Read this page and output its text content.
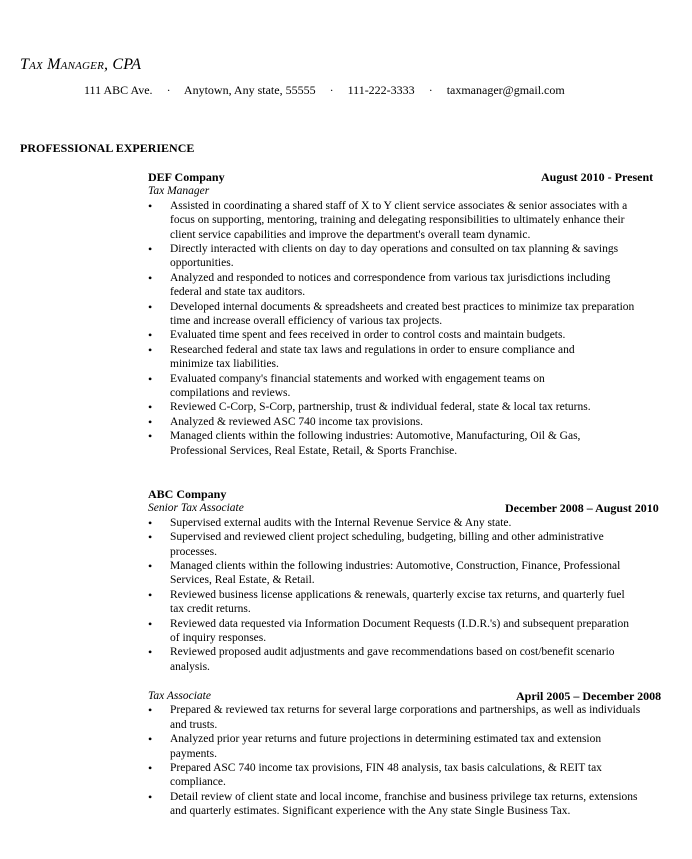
Tax Manager, CPA
111 ABC Ave. · Anytown, Any state, 55555 · 111-222-3333 · taxmanager@gmail.com
PROFESSIONAL EXPERIENCE
DEF Company	August 2010 - Present
Tax Manager
• Assisted in coordinating a shared staff of X to Y client service associates & senior associates with a
focus on supporting, mentoring, training and delegating responsibilities to ultimately enhance their
client service capabilities and improve the department's overall team dynamic.
• Directly interacted with clients on day to day operations and consulted on tax planning & savings
opportunities.
• Analyzed and responded to notices and correspondence from various tax jurisdictions including
federal and state tax auditors.
• Developed internal documents & spreadsheets and created best practices to minimize tax preparation
time and increase overall efficiency of various tax projects.
• Evaluated time spent and fees received in order to control costs and maintain budgets.
• Researched federal and state tax laws and regulations in order to ensure compliance and
minimize tax liabilities.
• Evaluated company's financial statements and worked with engagement teams on
compilations and reviews.
• Reviewed C-Corp, S-Corp, partnership, trust & individual federal, state & local tax returns.
• Analyzed & reviewed ASC 740 income tax provisions.
• Managed clients within the following industries: Automotive, Manufacturing, Oil & Gas,
Professional Services, Real Estate, Retail, & Sports Franchise.
ABC Company
Senior Tax Associate	December 2008 – August 2010
• Supervised external audits with the Internal Revenue Service & Any state.
• Supervised and reviewed client project scheduling, budgeting, billing and other administrative
processes.
• Managed clients within the following industries: Automotive, Construction, Finance, Professional
Services, Real Estate, & Retail.
• Reviewed business license applications & renewals, quarterly excise tax returns, and quarterly fuel
tax credit returns.
• Reviewed data requested via Information Document Requests (I.D.R.'s) and subsequent preparation
of inquiry responses.
• Reviewed proposed audit adjustments and gave recommendations based on cost/benefit scenario
analysis.
Tax Associate	April 2005 – December 2008
• Prepared & reviewed tax returns for several large corporations and partnerships, as well as individuals
and trusts.
• Analyzed prior year returns and future projections in determining estimated tax and extension
payments.
• Prepared ASC 740 income tax provisions, FIN 48 analysis, tax basis calculations, & REIT tax
compliance.
• Detail review of client state and local income, franchise and business privilege tax returns, extensions
and quarterly estimates. Significant experience with the Any state Single Business Tax.
